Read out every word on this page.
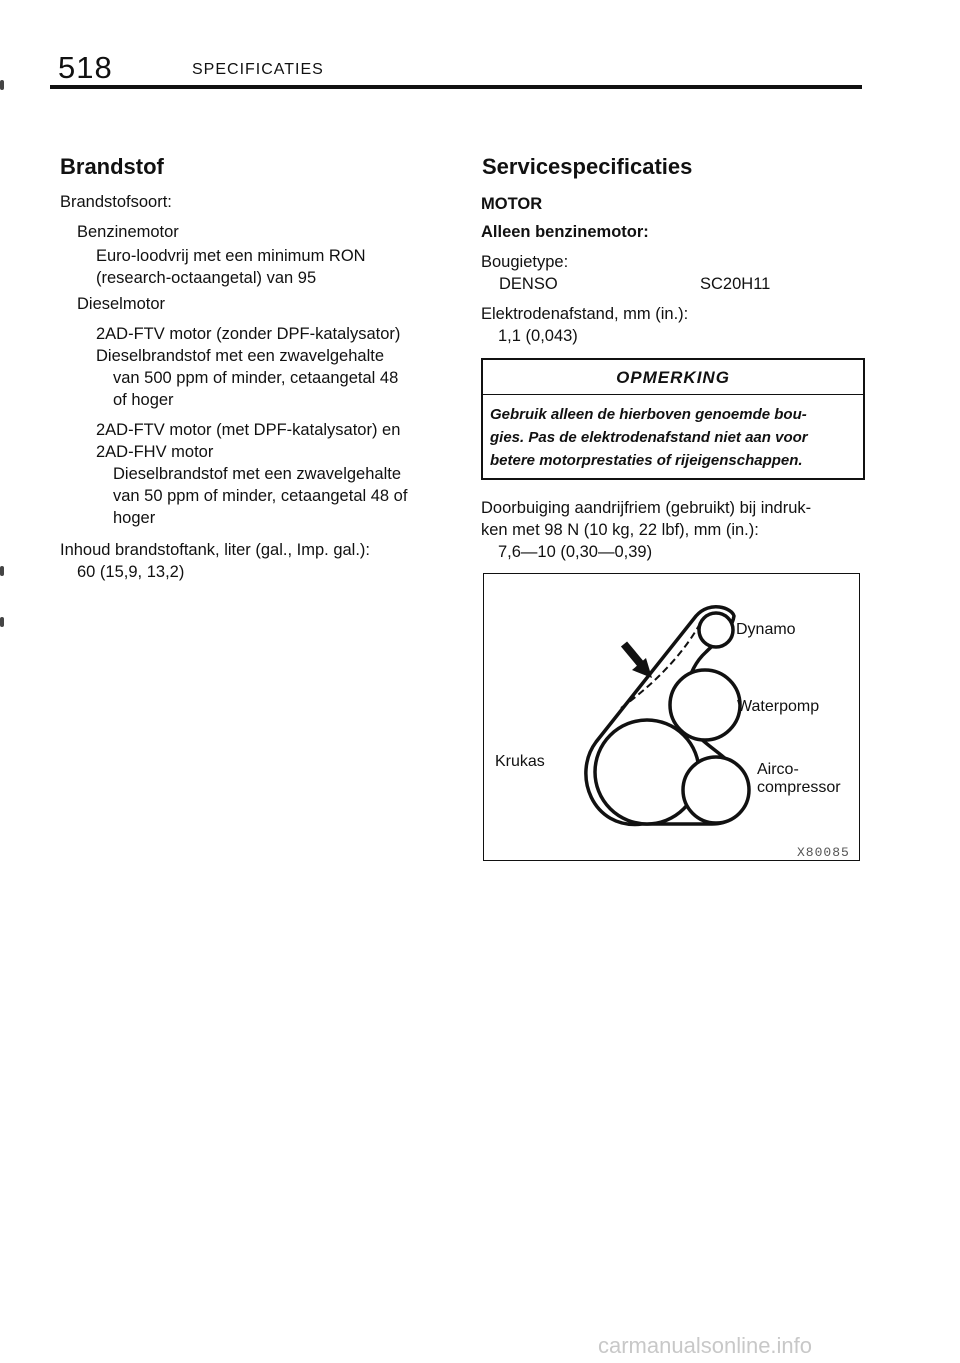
518	SPECIFICATIES
Brandstof
Brandstofsoort:
Benzinemotor
Euro‑loodvrij met een minimum RON
(research‑octaangetal) van 95
Dieselmotor
2AD‑FTV motor (zonder DPF‑katalysator)
Dieselbrandstof met een zwavelgehalte
van 500 ppm of minder, cetaangetal 48
of hoger
2AD‑FTV motor (met DPF‑katalysator) en
2AD‑FHV motor
Dieselbrandstof met een zwavelgehalte
van 50 ppm of minder, cetaangetal 48 of
hoger
Inhoud brandstoftank, liter (gal., Imp. gal.):
60 (15,9, 13,2)
Servicespecificaties
MOTOR
Alleen benzinemotor:
Bougietype:
DENSO	SC20H11
Elektrodenafstand, mm (in.):
1,1 (0,043)
OPMERKING
Gebruik alleen de hierboven genoemde bou-
gies. Pas de elektrodenafstand niet aan voor
betere motorprestaties of rijeigenschappen.
Doorbuiging aandrijfriem (gebruikt) bij indruk-
ken met 98 N (10 kg, 22 lbf), mm (in.):
7,6—10 (0,30—0,39)
Dynamo
Waterpomp
Krukas	Airco-
compressor
X80085
carmanualsonline.info
